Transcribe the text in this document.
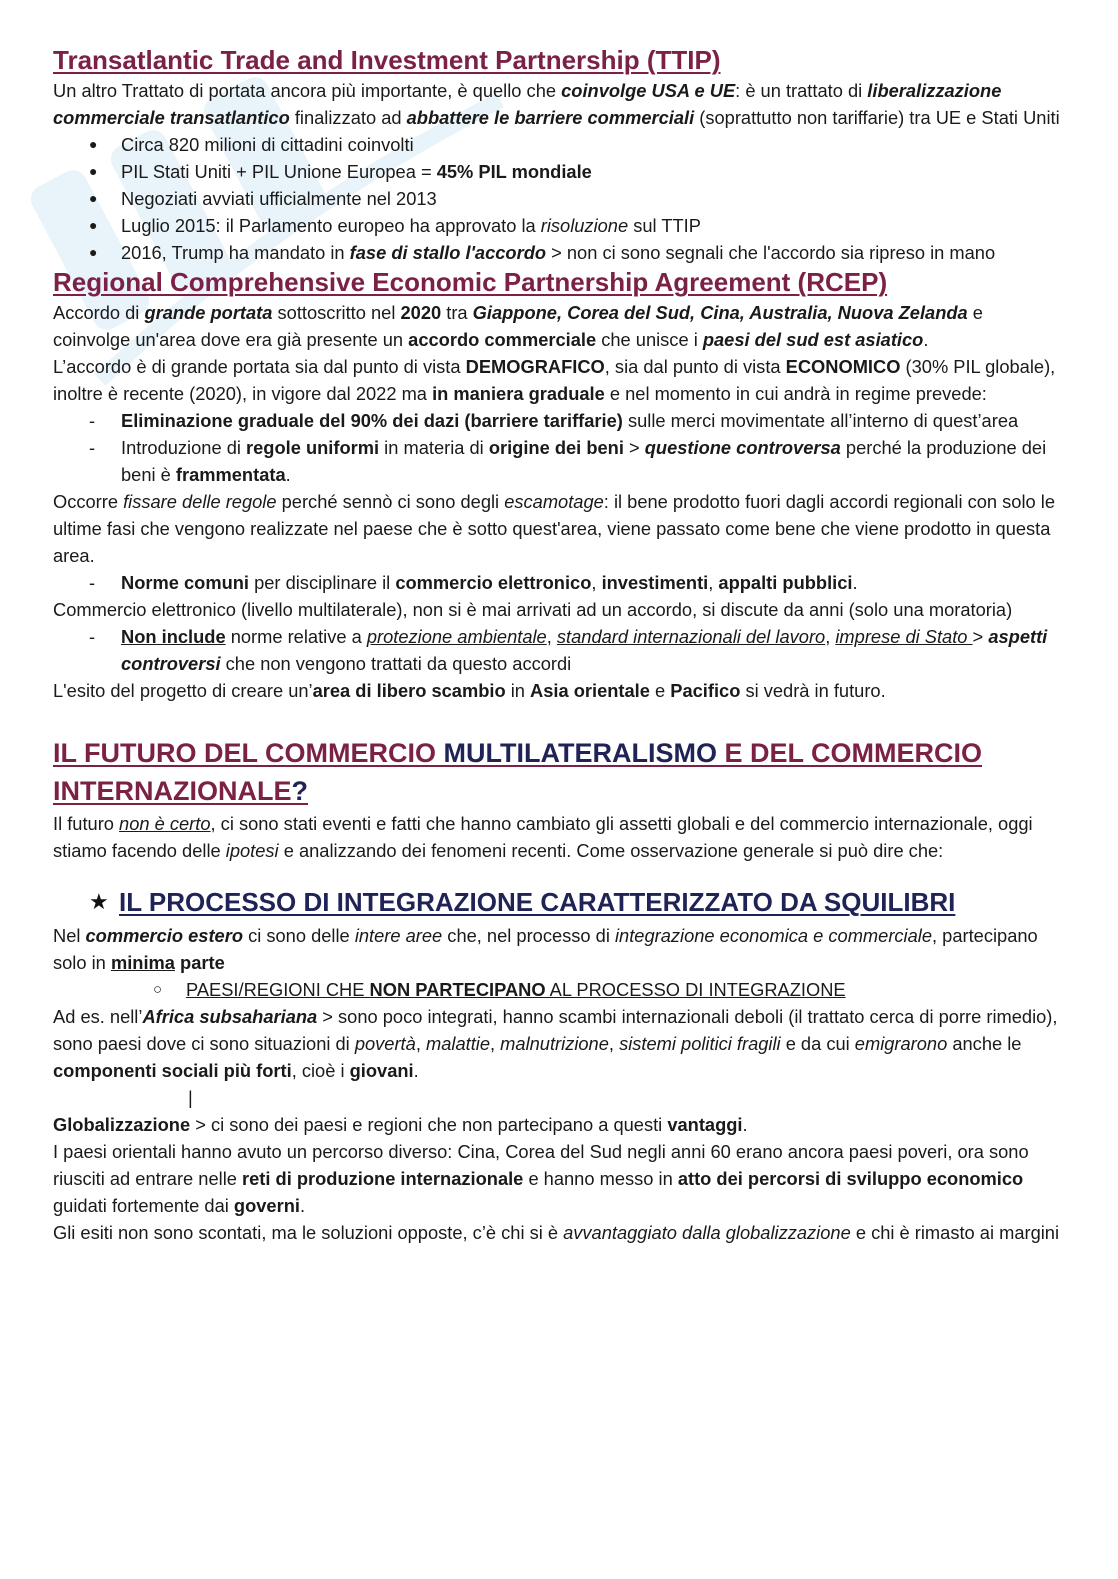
Transatlantic Trade and Investment Partnership (TTIP)

Un altro Trattato di portata ancora più importante, è quello che coinvolge USA e UE: è un trattato di liberalizzazione commerciale transatlantico finalizzato ad abbattere le barriere commerciali (soprattutto non tariffarie) tra UE e Stati Uniti

● Circa 820 milioni di cittadini coinvolti
● PIL Stati Uniti + PIL Unione Europea = 45% PIL mondiale
● Negoziati avviati ufficialmente nel 2013
● Luglio 2015: il Parlamento europeo ha approvato la risoluzione sul TTIP
● 2016, Trump ha mandato in fase di stallo l'accordo > non ci sono segnali che l'accordo sia ripreso in mano
Regional Comprehensive Economic Partnership Agreement (RCEP)

Accordo di grande portata sottoscritto nel 2020 tra Giappone, Corea del Sud, Cina, Australia, Nuova Zelanda e coinvolge un'area dove era già presente un accordo commerciale che unisce i paesi del sud est asiatico.

L’accordo è di grande portata sia dal punto di vista DEMOGRAFICO, sia dal punto di vista ECONOMICO (30% PIL globale), inoltre è recente (2020), in vigore dal 2022 ma in maniera graduale e nel momento in cui andrà in regime prevede:

- Eliminazione graduale del 90% dei dazi (barriere tariffarie) sulle merci movimentate all’interno di quest’area
- Introduzione di regole uniformi in materia di origine dei beni > questione controversa perché la produzione dei beni è frammentata.

Occorre fissare delle regole perché sennò ci sono degli escamotage: il bene prodotto fuori dagli accordi regionali con solo le ultime fasi che vengono realizzate nel paese che è sotto quest'area, viene passato come bene che viene prodotto in questa area.

- Norme comuni per disciplinare il commercio elettronico, investimenti, appalti pubblici.

Commercio elettronico (livello multilaterale), non si è mai arrivati ad un accordo, si discute da anni (solo una moratoria)

- Non include norme relative a protezione ambientale, standard internazionali del lavoro, imprese di Stato > aspetti controversi che non vengono trattati da questo accordi

L'esito del progetto di creare un’area di libero scambio in Asia orientale e Pacifico si vedrà in futuro.

IL FUTURO DEL COMMERCIO MULTILATERALISMO E DEL COMMERCIO INTERNAZIONALE?

Il futuro non è certo, ci sono stati eventi e fatti che hanno cambiato gli assetti globali e del commercio internazionale, oggi stiamo facendo delle ipotesi e analizzando dei fenomeni recenti. Come osservazione generale si può dire che:

★ IL PROCESSO DI INTEGRAZIONE CARATTERIZZATO DA SQUILIBRI

Nel commercio estero ci sono delle intere aree che, nel processo di integrazione economica e commerciale, partecipano solo in minima parte

○ PAESI/REGIONI CHE NON PARTECIPANO AL PROCESSO DI INTEGRAZIONE

Ad es. nell’Africa subsahariana > sono poco integrati, hanno scambi internazionali deboli (il trattato cerca di porre rimedio), sono paesi dove ci sono situazioni di povertà, malattie, malnutrizione, sistemi politici fragili e da cui emigrarono anche le componenti sociali più forti, cioè i giovani.

|

Globalizzazione > ci sono dei paesi e regioni che non partecipano a questi vantaggi.

I paesi orientali hanno avuto un percorso diverso: Cina, Corea del Sud negli anni 60 erano ancora paesi poveri, ora sono riusciti ad entrare nelle reti di produzione internazionale e hanno messo in atto dei percorsi di sviluppo economico guidati fortemente dai governi.

Gli esiti non sono scontati, ma le soluzioni opposte, c’è chi si è avvantaggiato dalla globalizzazione e chi è rimasto ai margini
